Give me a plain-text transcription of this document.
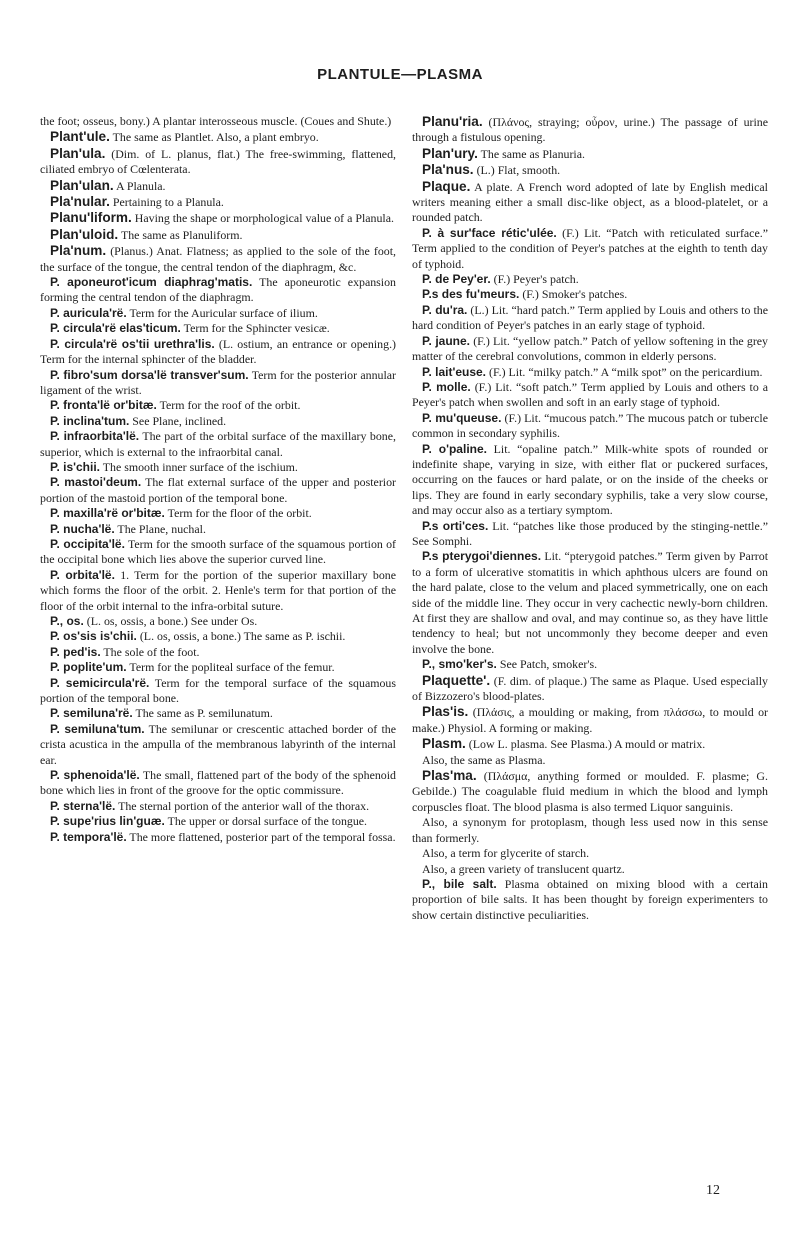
PLANTULE—PLASMA

the foot; osseus, bony.) A plantar interosseous muscle. (Coues and Shute.)

Plant'ule. The same as Plantlet. Also, a plant embryo.

Plan'ula. (Dim. of L. planus, flat.) The free-swimming, flattened, ciliated embryo of Cœlenterata.

Plan'ulan. A Planula.

Pla'nular. Pertaining to a Planula.

Planu'liform. Having the shape or morphological value of a Planula.

Plan'uloid. The same as Planuliform.

Pla'num. (Planus.) Anat. Flatness; as applied to the sole of the foot, the surface of the tongue, the central tendon of the diaphragm, &c.

P. aponeurot'icum diaphrag'matis. The aponeurotic expansion forming the central tendon of the diaphragm.

P. auricula'rë. Term for the Auricular surface of ilium.

P. circula'rë elas'ticum. Term for the Sphincter vesicæ.

P. circula'rë os'tii urethra'lis. (L. ostium, an entrance or opening.) Term for the internal sphincter of the bladder.

P. fibro'sum dorsa'lë transver'sum. Term for the posterior annular ligament of the wrist.

P. fronta'lë or'bitæ. Term for the roof of the orbit.

P. inclina'tum. See Plane, inclined.

P. infraorbita'lë. The part of the orbital surface of the maxillary bone, superior, which is external to the infraorbital canal.

P. is'chii. The smooth inner surface of the ischium.

P. mastoi'deum. The flat external surface of the upper and posterior portion of the mastoid portion of the temporal bone.

P. maxilla'rë or'bitæ. Term for the floor of the orbit.

P. nucha'lë. The Plane, nuchal.

P. occipita'lë. Term for the smooth surface of the squamous portion of the occipital bone which lies above the superior curved line.

P. orbita'lë. 1. Term for the portion of the superior maxillary bone which forms the floor of the orbit. 2. Henle's term for that portion of the floor of the orbit internal to the infra-orbital suture.

P., os. (L. os, ossis, a bone.) See under Os.

P. os'sis is'chii. (L. os, ossis, a bone.) The same as P. ischii.

P. ped'is. The sole of the foot.

P. poplite'um. Term for the popliteal surface of the femur.

P. semicircula'rë. Term for the temporal surface of the squamous portion of the temporal bone.

P. semiluna'rë. The same as P. semilunatum.

P. semiluna'tum. The semilunar or crescentic attached border of the crista acustica in the ampulla of the membranous labyrinth of the internal ear.

P. sphenoida'lë. The small, flattened part of the body of the sphenoid bone which lies in front of the groove for the optic commissure.

P. sterna'lë. The sternal portion of the anterior wall of the thorax.

P. supe'rius lin'guæ. The upper or dorsal surface of the tongue.

P. tempora'lë. The more flattened, posterior part of the temporal fossa.

Planu'ria. (Πλάνος, straying; οὖρον, urine.) The passage of urine through a fistulous opening.

Plan'ury. The same as Planuria.

Pla'nus. (L.) Flat, smooth.

Plaque. A plate. A French word adopted of late by English medical writers meaning either a small disc-like object, as a blood-platelet, or a rounded patch.

P. à sur'face rétic'ulée. (F.) Lit. “Patch with reticulated surface.” Term applied to the condition of Peyer's patches at the eighth to tenth day of typhoid.

P. de Pey'er. (F.) Peyer's patch.

P.s des fu'meurs. (F.) Smoker's patches.

P. du'ra. (L.) Lit. “hard patch.” Term applied by Louis and others to the hard condition of Peyer's patches in an early stage of typhoid.

P. jaune. (F.) Lit. “yellow patch.” Patch of yellow softening in the grey matter of the cerebral convolutions, common in elderly persons.

P. lait'euse. (F.) Lit. “milky patch.” A “milk spot” on the pericardium.

P. molle. (F.) Lit. “soft patch.” Term applied by Louis and others to a Peyer's patch when swollen and soft in an early stage of typhoid.

P. mu'queuse. (F.) Lit. “mucous patch.” The mucous patch or tubercle common in secondary syphilis.

P. o'paline. Lit. “opaline patch.” Milk-white spots of rounded or indefinite shape, varying in size, with either flat or puckered surfaces, occurring on the fauces or hard palate, or on the inside of the cheeks or lips. They are found in early secondary syphilis, take a very slow course, and may occur also as a tertiary symptom.

P.s orti'ces. Lit. “patches like those produced by the stinging-nettle.” See Somphi.

P.s pterygoi'diennes. Lit. “pterygoid patches.” Term given by Parrot to a form of ulcerative stomatitis in which aphthous ulcers are found on the hard palate, close to the velum and placed symmetrically, one on each side of the middle line. They occur in very cachectic newly-born children. At first they are shallow and oval, and may continue so, as they have little tendency to heal; but not uncommonly they become deeper and even involve the bone.

P., smo'ker's. See Patch, smoker's.

Plaquette'. (F. dim. of plaque.) The same as Plaque. Used especially of Bizzozero's blood-plates.

Plas'is. (Πλάσις, a moulding or making, from πλάσσω, to mould or make.) Physiol. A forming or making.

Plasm. (Low L. plasma. See Plasma.) A mould or matrix.

Also, the same as Plasma.

Plas'ma. (Πλάσμα, anything formed or moulded. F. plasme; G. Gebilde.) The coagulable fluid medium in which the blood and lymph corpuscles float. The blood plasma is also termed Liquor sanguinis.

Also, a synonym for protoplasm, though less used now in this sense than formerly.

Also, a term for glycerite of starch.

Also, a green variety of translucent quartz.

P., bile salt. Plasma obtained on mixing blood with a certain proportion of bile salts. It has been thought by foreign experimenters to show certain distinctive peculiarities.

12
